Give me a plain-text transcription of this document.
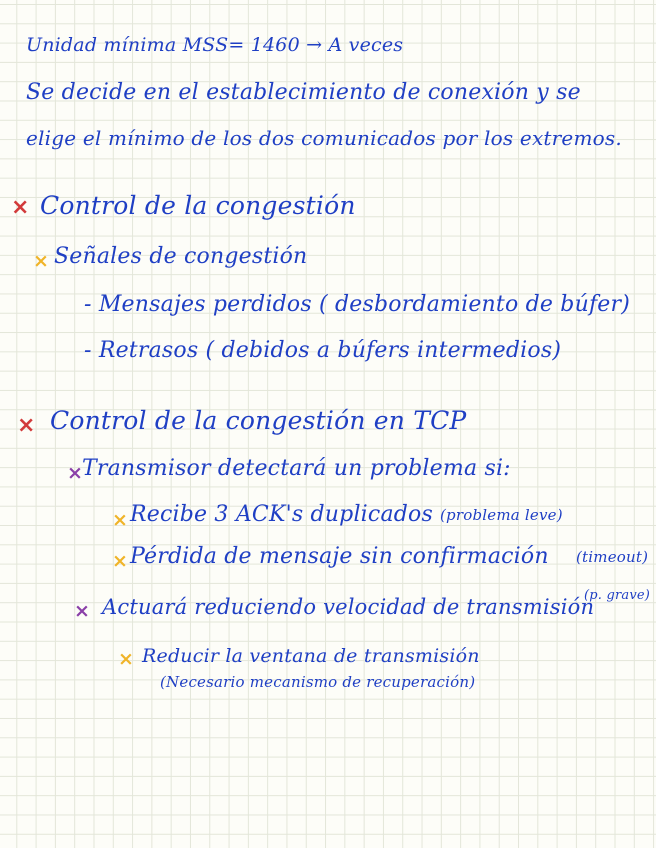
Unidad mínima MSS= 1460 → A veces
Se decide en el establecimiento de conexión y se
elige el mínimo de los dos comunicados por los extremos.
× Control de la congestión
× Señales de congestión
- Mensajes perdidos ( desbordamiento de búfer)
- Retrasos ( debidos a búfers intermedios)
× Control de la congestión en TCP
× Transmisor detectará un problema si:
× Recibe 3 ACK's duplicados (problema leve)
× Pérdida de mensaje sin confirmación (timeout)
(p. grave)
× Actuará reduciendo velocidad de transmisión
× Reducir la ventana de transmisión
(Necesario mecanismo de recuperación)
